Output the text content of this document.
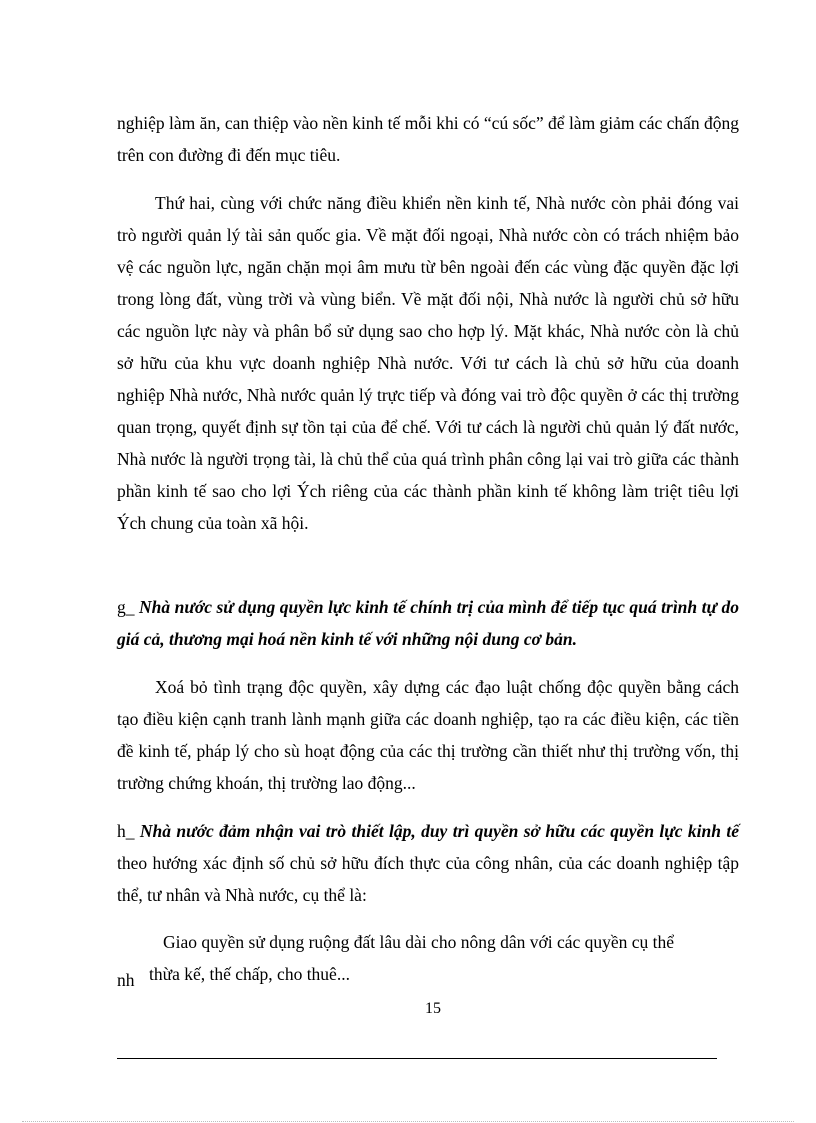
nghiệp làm ăn, can thiệp vào nền kinh tế mỗi khi có “cú sốc” để làm giảm các chấn động trên con đường đi đến mục tiêu.

Thứ hai, cùng với chức năng điều khiển nền kinh tế, Nhà nước còn phải đóng vai trò người quản lý tài sản quốc gia. Về mặt đối ngoại, Nhà nước còn có trách nhiệm bảo vệ các nguồn lực, ngăn chặn mọi âm mưu từ bên ngoài đến các vùng đặc quyền đặc lợi trong lòng đất, vùng trời và vùng biển. Về mặt đối nội, Nhà nước là người chủ sở hữu các nguồn lực này và phân bổ sử dụng sao cho hợp lý. Mặt khác, Nhà nước còn là chủ sở hữu của khu vực doanh nghiệp Nhà nước. Với tư cách là chủ sở hữu của doanh nghiệp Nhà nước, Nhà nước quản lý trực tiếp và đóng vai trò độc quyền ở các thị trường quan trọng, quyết định sự tồn tại của để chế. Với tư cách là người chủ quản lý đất nước, Nhà nước là người trọng tài, là chủ thể của quá trình phân công lại vai trò giữa các thành phần kinh tế sao cho lợi Ých riêng của các thành phần kinh tế không làm triệt tiêu lợi Ých chung của toàn xã hội.

g_ Nhà nước sử dụng quyền lực kinh tế chính trị của mình để tiếp tục quá trình tự do giá cả, thương mại hoá nền kinh tế với những nội dung cơ bản.

Xoá bỏ tình trạng độc quyền, xây dựng các đạo luật chống độc quyền bằng cách tạo điều kiện cạnh tranh lành mạnh giữa các doanh nghiệp, tạo ra các điều kiện, các tiền đề kinh tế, pháp lý cho sù hoạt động của các thị trường cần thiết như thị trường vốn, thị trường chứng khoán, thị trường lao động...

h_ Nhà nước đảm nhận vai trò thiết lập, duy trì quyền sở hữu các quyền lực kinh tế theo hướng xác định số chủ sở hữu đích thực của công nhân, của các doanh nghiệp tập thể, tư nhân và Nhà nước, cụ thể là:

Giao quyền sử dụng ruộng đất lâu dài cho nông dân với các quyền cụ thể
nh thừa kế, thế chấp, cho thuê...
15
